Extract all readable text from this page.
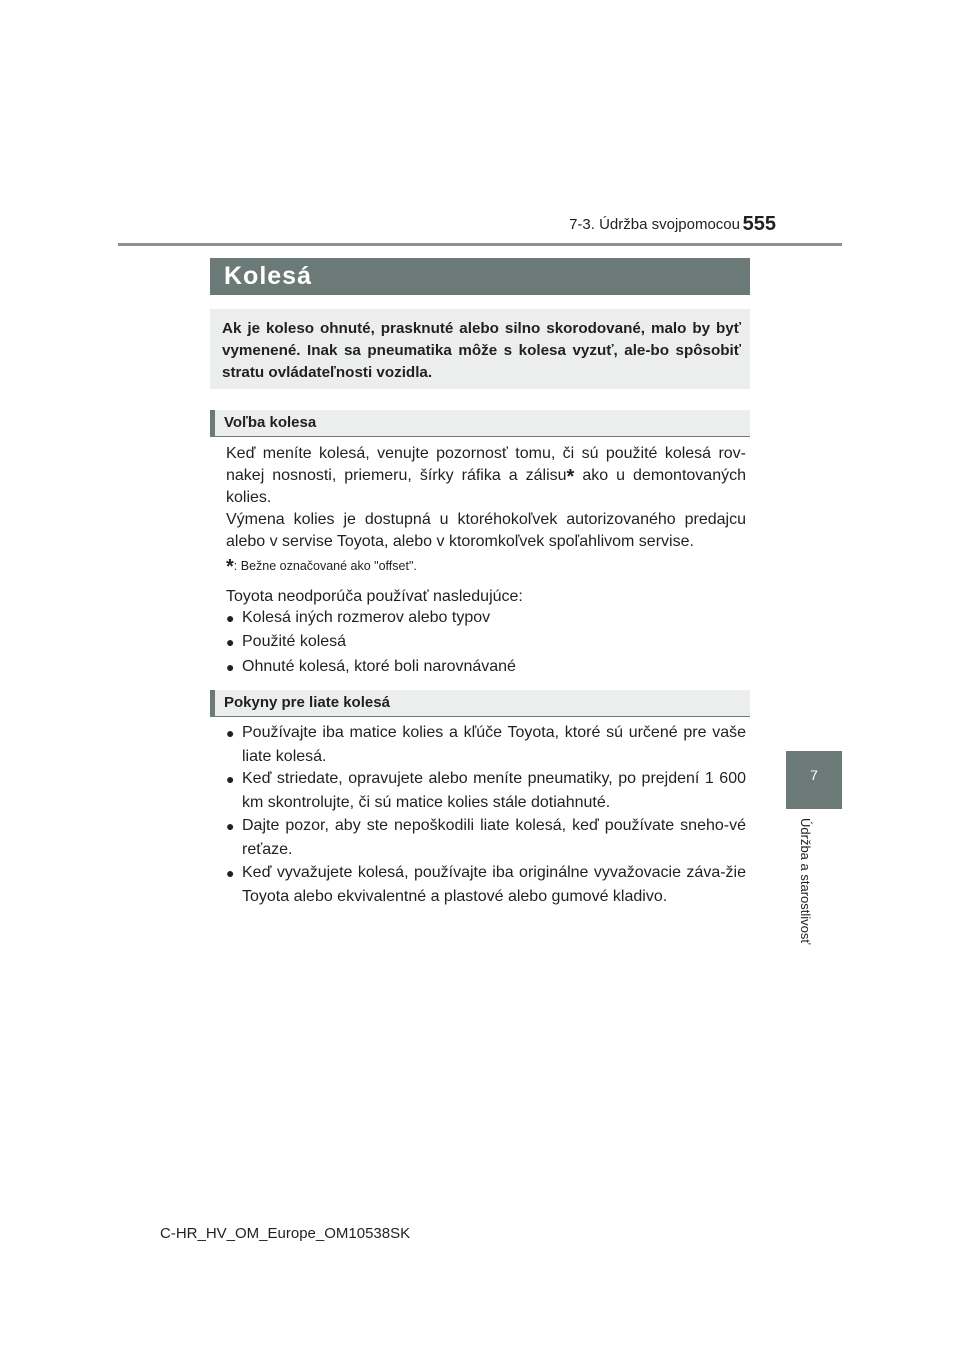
7-3. Údržba svojpomocou 555
7
Údržba a starostlivosť
Kolesá

Ak je koleso ohnuté, prasknuté alebo silno skorodované, malo by byť vymenené. Inak sa pneumatika môže s kolesa vyzuť, ale-bo spôsobiť stratu ovládateľnosti vozidla.

Voľba kolesa

Keď meníte kolesá, venujte pozornosť tomu, či sú použité kolesá rov-nakej nosnosti, priemeru, šírky ráfika a zálisu* ako u demontovaných kolies.

Výmena kolies je dostupná u ktoréhokoľvek autorizovaného predajcu alebo v servise Toyota, alebo v ktoromkoľvek spoľahlivom servise.

*: Bežne označované ako "offset".

Toyota neodporúča používať nasledujúce:

● Kolesá iných rozmerov alebo typov
● Použité kolesá
● Ohnuté kolesá, ktoré boli narovnávané
Pokyny pre liate kolesá
● Používajte iba matice kolies a kľúče Toyota, ktoré sú určené pre vaše liate kolesá.
● Keď striedate, opravujete alebo meníte pneumatiky, po prejdení 1 600 km skontrolujte, či sú matice kolies stále dotiahnuté.
● Dajte pozor, aby ste nepoškodili liate kolesá, keď používate sneho-vé reťaze.
● Keď vyvažujete kolesá, používajte iba originálne vyvažovacie záva-žie Toyota alebo ekvivalentné a plastové alebo gumové kladivo.
C-HR_HV_OM_Europe_OM10538SK
